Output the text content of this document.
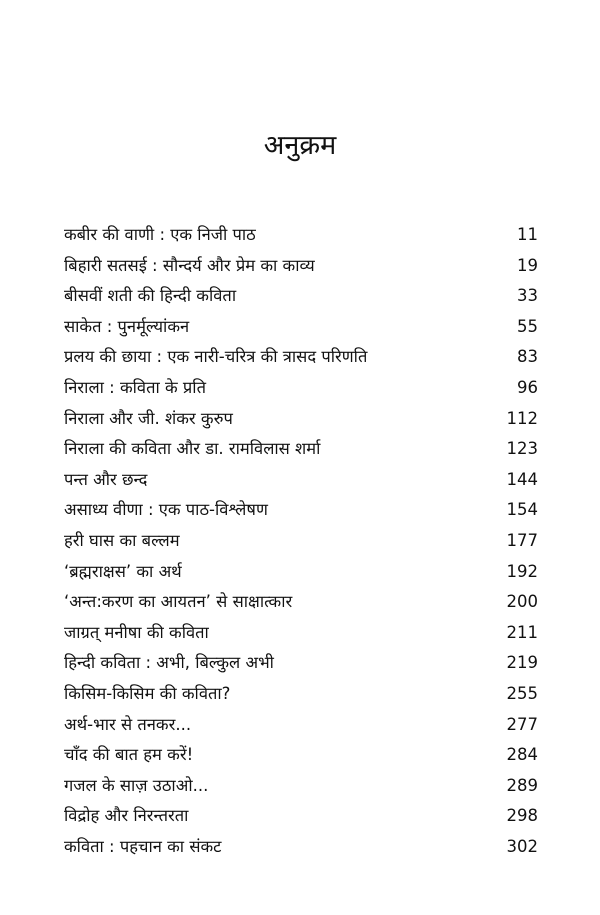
अनुक्रम
कबीर की वाणी : एक निजी पाठ	11
बिहारी सतसई : सौन्दर्य और प्रेम का काव्य	19
बीसवीं शती की हिन्दी कविता	33
साकेत : पुनर्मूल्यांकन	55
प्रलय की छाया : एक नारी-चरित्र की त्रासद परिणति	83
निराला : कविता के प्रति	96
निराला और जी. शंकर कुरुप	112
निराला की कविता और डा. रामविलास शर्मा	123
पन्त और छन्द	144
असाध्य वीणा : एक पाठ-विश्लेषण	154
हरी घास का बल्लम	177
‘ब्रह्मराक्षस’ का अर्थ	192
‘अन्त:करण का आयतन’ से साक्षात्कार	200
जाग्रत् मनीषा की कविता	211
हिन्दी कविता : अभी, बिल्कुल अभी	219
किसिम-किसिम की कविता?	255
अर्थ-भार से तनकर...	277
चाँद की बात हम करें!	284
गजल के साज़ उठाओ...	289
विद्रोह और निरन्तरता	298
कविता : पहचान का संकट	302
